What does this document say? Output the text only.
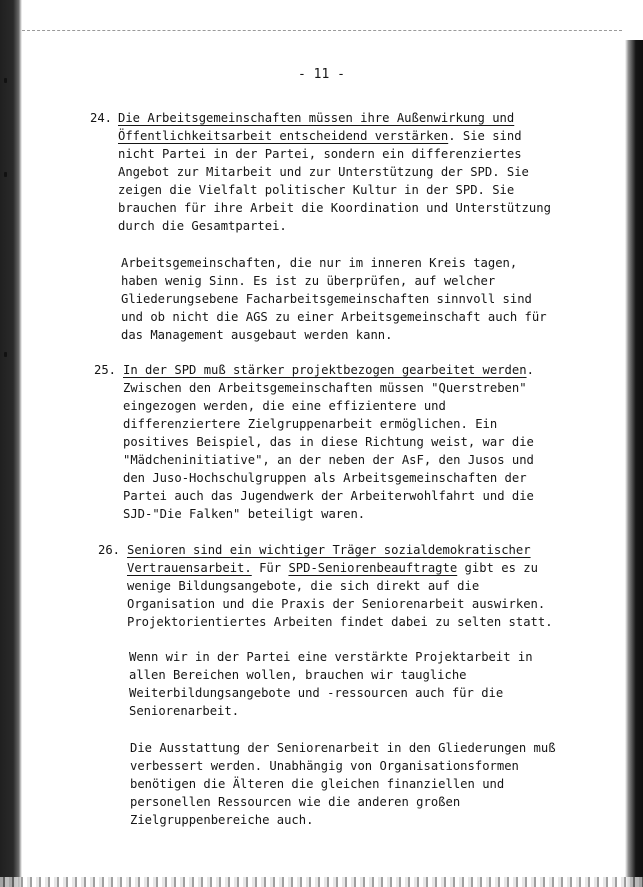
- 11 -
24. Die Arbeitsgemeinschaften müssen ihre Außenwirkung und

Öffentlichkeitsarbeit entscheidend verstärken. Sie sind

nicht Partei in der Partei, sondern ein differenziertes

Angebot zur Mitarbeit und zur Unterstützung der SPD. Sie

zeigen die Vielfalt politischer Kultur in der SPD. Sie

brauchen für ihre Arbeit die Koordination und Unterstützung

durch die Gesamtpartei.

Arbeitsgemeinschaften, die nur im inneren Kreis tagen,

haben wenig Sinn. Es ist zu überprüfen, auf welcher

Gliederungsebene Facharbeitsgemeinschaften sinnvoll sind

und ob nicht die AGS zu einer Arbeitsgemeinschaft auch für

das Management ausgebaut werden kann.

25. In der SPD muß stärker projektbezogen gearbeitet werden.

Zwischen den Arbeitsgemeinschaften müssen "Querstreben"

eingezogen werden, die eine effizientere und

differenziertere Zielgruppenarbeit ermöglichen. Ein

positives Beispiel, das in diese Richtung weist, war die

"Mädcheninitiative", an der neben der AsF, den Jusos und

den Juso-Hochschulgruppen als Arbeitsgemeinschaften der

Partei auch das Jugendwerk der Arbeiterwohlfahrt und die

SJD-"Die Falken" beteiligt waren.

26. Senioren sind ein wichtiger Träger sozialdemokratischer

Vertrauensarbeit. Für SPD-Seniorenbeauftragte gibt es zu

wenige Bildungsangebote, die sich direkt auf die

Organisation und die Praxis der Seniorenarbeit auswirken.

Projektorientiertes Arbeiten findet dabei zu selten statt.

Wenn wir in der Partei eine verstärkte Projektarbeit in

allen Bereichen wollen, brauchen wir taugliche

Weiterbildungsangebote und -ressourcen auch für die

Seniorenarbeit.

Die Ausstattung der Seniorenarbeit in den Gliederungen muß

verbessert werden. Unabhängig von Organisationsformen

benötigen die Älteren die gleichen finanziellen und

personellen Ressourcen wie die anderen großen

Zielgruppenbereiche auch.
